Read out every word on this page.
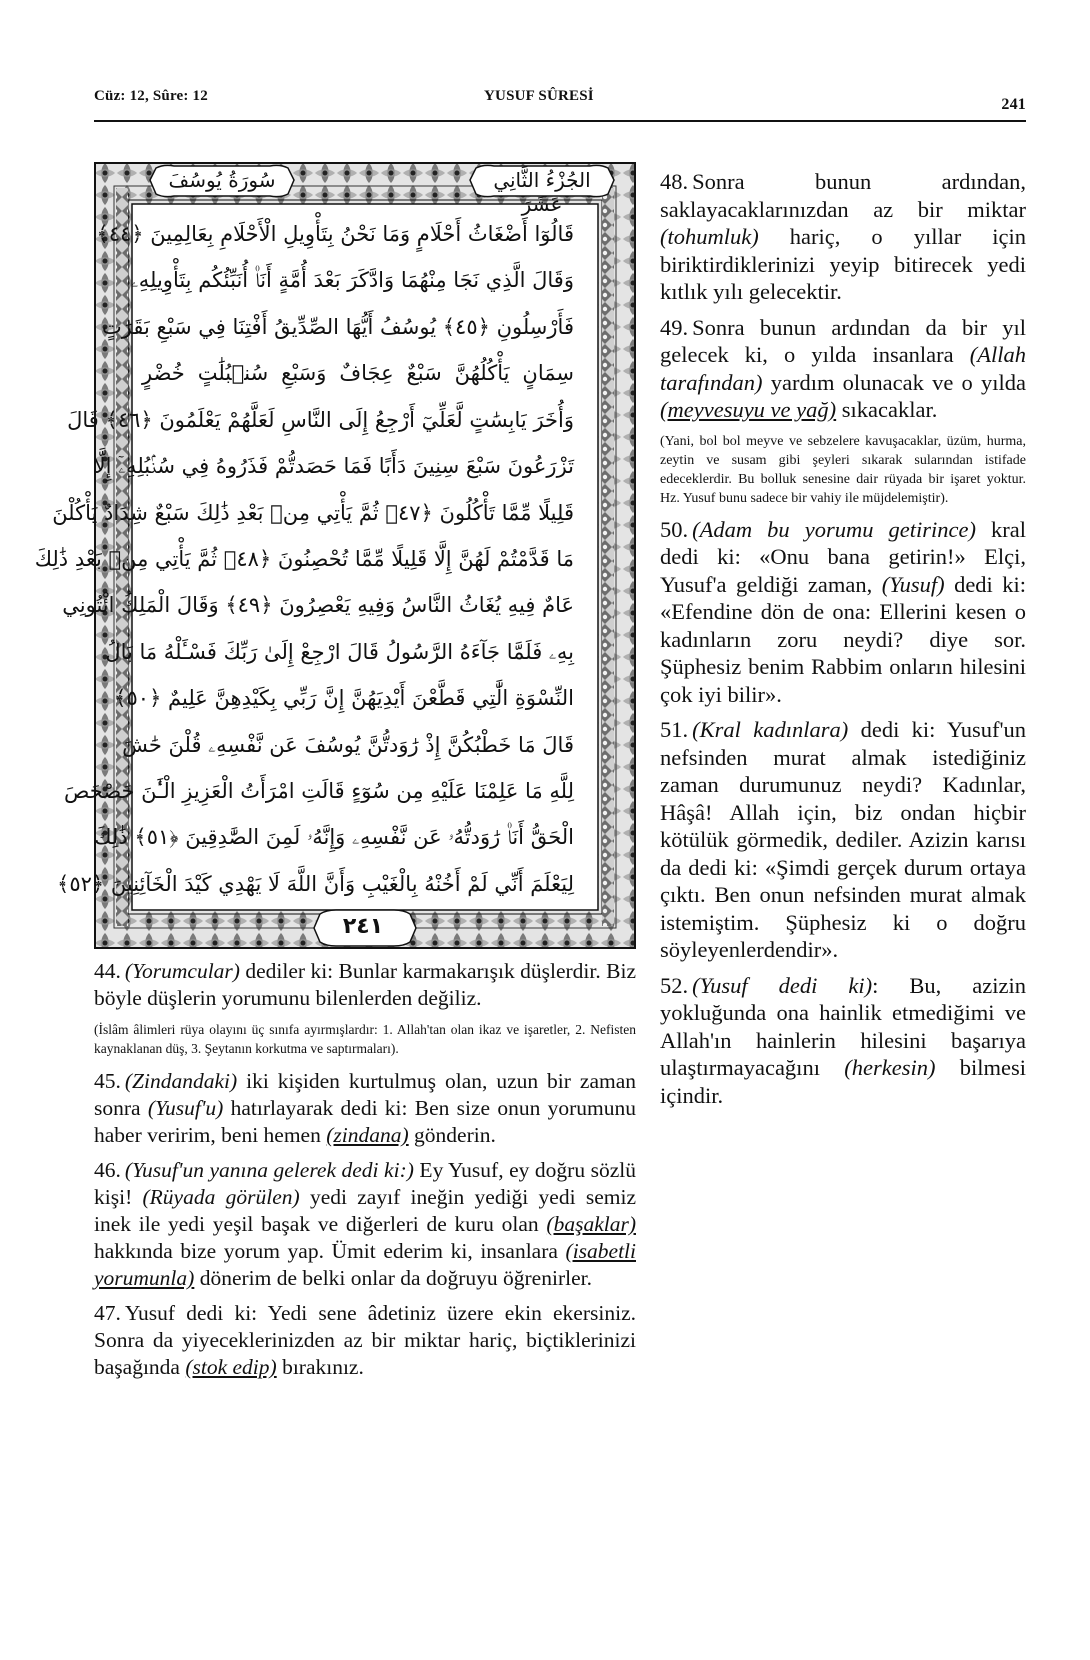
Cüz: 12, Sûre: 12	YUSUF SÛRESİ	241
سُورَةُ يُوسُفَ	الجُزْءُ الثَّانِي عَشَرَ
٢٤١
قَالُوٓا أَضْغَاثُ أَحْلَامٍ وَمَا نَحْنُ بِتَأْوِيلِ الْأَحْلَامِ بِعَالِمِينَ ﴿٤٤﴾
وَقَالَ الَّذِي نَجَا مِنْهُمَا وَادَّكَرَ بَعْدَ أُمَّةٍ أَنَا۠ أُنَبِّئُكُم بِتَأْوِيلِهِۦ
فَأَرْسِلُونِ ﴿٤٥﴾ يُوسُفُ أَيُّهَا الصِّدِّيقُ أَفْتِنَا فِي سَبْعِ بَقَرَٰتٍ
سِمَانٍ يَأْكُلُهُنَّ سَبْعٌ عِجَافٌ وَسَبْعِ سُنۢبُلَٰتٍ خُضْرٍ
وَأُخَرَ يَابِسَٰتٍ لَّعَلِّيٓ أَرْجِعُ إِلَى النَّاسِ لَعَلَّهُمْ يَعْلَمُونَ ﴿٤٦﴾ قَالَ
تَزْرَعُونَ سَبْعَ سِنِينَ دَأَبًا فَمَا حَصَدتُّمْ فَذَرُوهُ فِي سُنۢبُلِهِۦٓ إِلَّا
قَلِيلًا مِّمَّا تَأْكُلُونَ ﴿٤٧﴾ ثُمَّ يَأْتِي مِنۢ بَعْدِ ذَٰلِكَ سَبْعٌ شِدَادٌ يَأْكُلْنَ
مَا قَدَّمْتُمْ لَهُنَّ إِلَّا قَلِيلًا مِّمَّا تُحْصِنُونَ ﴿٤٨﴾ ثُمَّ يَأْتِي مِنۢ بَعْدِ ذَٰلِكَ
عَامٌ فِيهِ يُغَاثُ النَّاسُ وَفِيهِ يَعْصِرُونَ ﴿٤٩﴾ وَقَالَ الْمَلِكُ ائْتُونِي
بِهِۦ فَلَمَّا جَآءَهُ الرَّسُولُ قَالَ ارْجِعْ إِلَىٰ رَبِّكَ فَسْـَٔلْهُ مَا بَالُ
النِّسْوَةِ الَّٰتِي قَطَّعْنَ أَيْدِيَهُنَّ إِنَّ رَبِّي بِكَيْدِهِنَّ عَلِيمٌ ﴿٥٠﴾
قَالَ مَا خَطْبُكُنَّ إِذْ رَٰوَدتُّنَّ يُوسُفَ عَن نَّفْسِهِۦ قُلْنَ حَٰشَ
لِلَّهِ مَا عَلِمْنَا عَلَيْهِ مِن سُوٓءٍ قَالَتِ امْرَأَتُ الْعَزِيزِ الْـَٰٔنَ حَصْحَصَ
الْحَقُّ أَنَا۠ رَٰوَدتُّهُۥ عَن نَّفْسِهِۦ وَإِنَّهُۥ لَمِنَ الصَّٰدِقِينَ ﴿٥١﴾ ذَٰلِكَ
لِيَعْلَمَ أَنِّي لَمْ أَخُنْهُ بِالْغَيْبِ وَأَنَّ اللَّهَ لَا يَهْدِي كَيْدَ الْخَآئِنِينَ ﴿٥٢﴾

44. (Yorumcular) dediler ki: Bunlar karmakarışık düşlerdir. Biz böyle düşlerin yorumunu bilenlerden değiliz.

(İslâm âlimleri rüya olayını üç sınıfa ayırmışlardır: 1. Allah'tan olan ikaz ve işaretler, 2. Nefisten kaynaklanan düş, 3. Şeytanın korkutma ve saptırmaları).

45. (Zindandaki) iki kişiden kurtulmuş olan, uzun bir zaman sonra (Yusuf'u) hatırlayarak dedi ki: Ben size onun yorumunu haber veririm, beni hemen (zindana) gönderin.

46. (Yusuf'un yanına gelerek dedi ki:) Ey Yusuf, ey doğru sözlü kişi! (Rüyada görülen) yedi zayıf ineğin yediği yedi semiz inek ile yedi yeşil başak ve diğerleri de kuru olan (başaklar) hakkında bize yorum yap. Ümit ederim ki, insanlara (isabetli yorumunla) dönerim de belki onlar da doğruyu öğrenirler.

47. Yusuf dedi ki: Yedi sene âdetiniz üzere ekin ekersiniz. Sonra da yiyeceklerinizden az bir miktar hariç, biçtiklerinizi başağında (stok edip) bırakınız.

48. Sonra bunun ardından, saklayacaklarınızdan az bir miktar (tohumluk) hariç, o yıllar için biriktirdiklerinizi yeyip bitirecek yedi kıtlık yılı gelecektir.

49. Sonra bunun ardından da bir yıl gelecek ki, o yılda insanlara (Allah tarafından) yardım olunacak ve o yılda (meyvesuyu ve yağ) sıkacaklar.

(Yani, bol bol meyve ve sebzelere kavuşacaklar, üzüm, hurma, zeytin ve susam gibi şeyleri sıkarak sularından istifade edeceklerdir. Bu bolluk senesine dair rüyada bir işaret yoktur. Hz. Yusuf bunu sadece bir vahiy ile müjdelemiştir).

50. (Adam bu yorumu getirince) kral dedi ki: «Onu bana getirin!» Elçi, Yusuf'a geldiği zaman, (Yusuf) dedi ki: «Efendine dön de ona: Ellerini kesen o kadınların zoru neydi? diye sor. Şüphesiz benim Rabbim onların hilesini çok iyi bilir».

51. (Kral kadınlara) dedi ki: Yusuf'un nefsinden murat almak istediğiniz zaman durumunuz neydi? Kadınlar, Hâşâ! Allah için, biz ondan hiçbir kötülük görmedik, dediler. Azizin karısı da dedi ki: «Şimdi gerçek durum ortaya çıktı. Ben onun nefsinden murat almak istemiştim. Şüphesiz ki o doğru söyleyenlerdendir».

52. (Yusuf dedi ki): Bu, azizin yokluğunda ona hainlik etmediğimi ve Allah'ın hainlerin hilesini başarıya ulaştırmayacağını (herkesin) bilmesi içindir.
